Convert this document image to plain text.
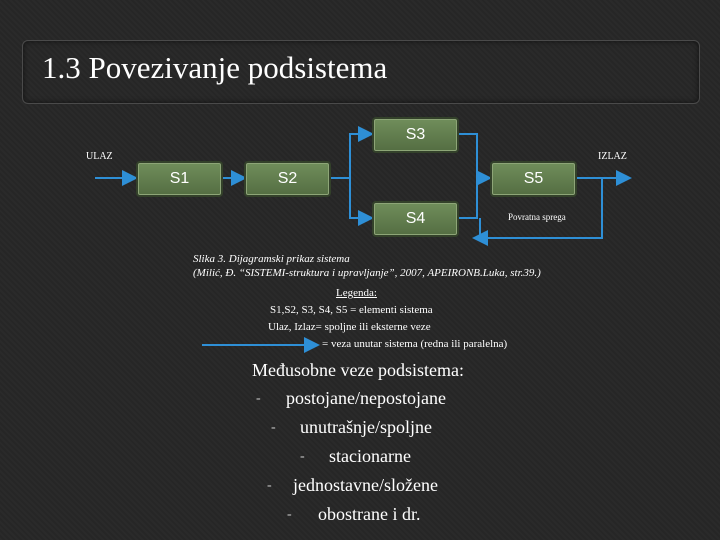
1.3 Povezivanje podsistema
ULAZ	IZLAZ
S1	S2
S3
S4
S5
Povratna sprega
Slika 3. Dijagramski prikaz sistema
(Milić, Đ. “SISTEMI-struktura i upravljanje”, 2007, APEIRONB.Luka, str.39.)
Legenda:
S1,S2, S3, S4, S5 = elementi sistema
Ulaz, Izlaz= spoljne ili eksterne veze
= veza unutar sistema (redna ili paralelna)
Međusobne veze podsistema:
- postojane/nepostojane
- unutrašnje/spoljne
- stacionarne
- jednostavne/složene
- obostrane i dr.
